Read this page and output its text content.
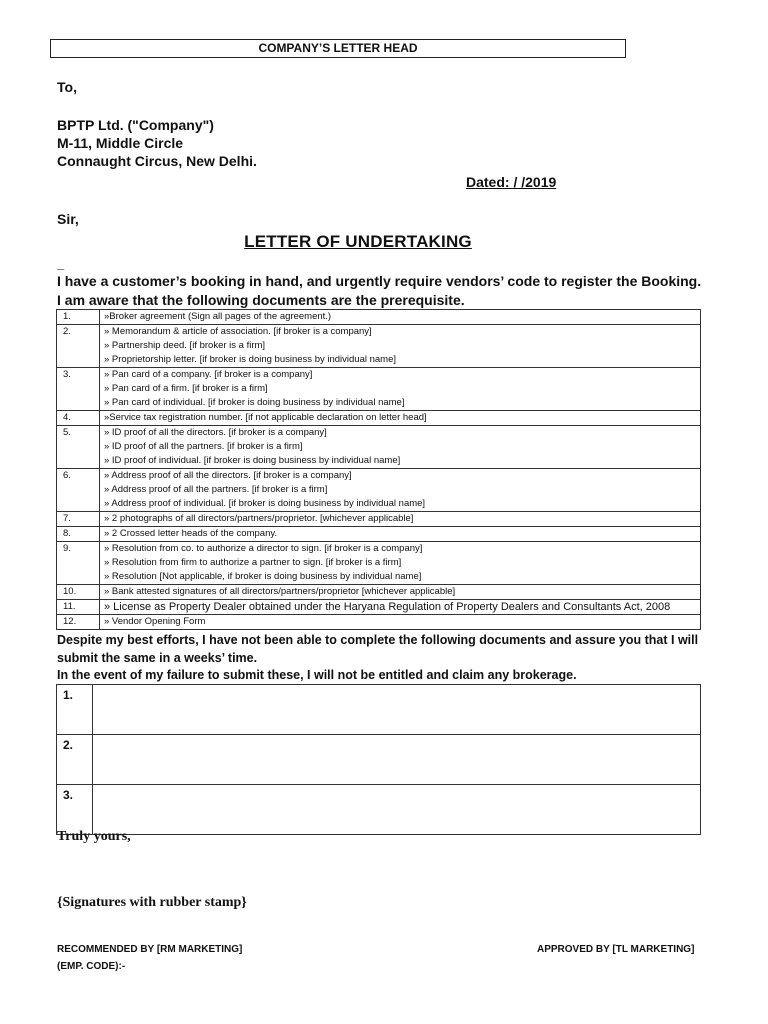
COMPANY’S LETTER HEAD
To,
BPTP Ltd. ("Company")
M-11, Middle Circle
Connaught Circus, New Delhi.
Dated: / /2019
Sir,
LETTER OF UNDERTAKING
_
I have a customer’s booking in hand, and urgently require vendors’ code to register the Booking.
I am aware that the following documents are the prerequisite.
1.	»Broker agreement (Sign all pages of the agreement.)

2.	» Memorandum & article of association. [if broker is a company]
» Partnership deed. [if broker is a firm]
» Proprietorship letter. [if broker is doing business by individual name]

3.	» Pan card of a company. [if broker is a company]
» Pan card of a firm. [if broker is a firm]
» Pan card of individual. [if broker is doing business by individual name]

4.	»Service tax registration number. [if not applicable declaration on letter head]

5.	» ID proof of all the directors. [if broker is a company]
» ID proof of all the partners. [if broker is a firm]
» ID proof of individual. [if broker is doing business by individual name]

6.	» Address proof of all the directors. [if broker is a company]
» Address proof of all the partners. [if broker is a firm]
» Address proof of individual. [if broker is doing business by individual name]

7.	» 2 photographs of all directors/partners/proprietor. [whichever applicable]

8.	» 2 Crossed letter heads of the company.

9.	» Resolution from co. to authorize a director to sign. [if broker is a company]
» Resolution from firm to authorize a partner to sign. [if broker is a firm]
» Resolution [Not applicable, if broker is doing business by individual name]

10.	» Bank attested signatures of all directors/partners/proprietor [whichever applicable]

11.	» License as Property Dealer obtained under the Haryana Regulation of Property Dealers and Consultants Act, 2008

12.	» Vendor Opening Form
Despite my best efforts, I have not been able to complete the following documents and assure you that I will
submit the same in a weeks’ time.
In the event of my failure to submit these, I will not be entitled and claim any brokerage.
1.	
2.	
3.	
Truly yours,
{Signatures with rubber stamp}
RECOMMENDED BY [RM MARKETING]
(EMP. CODE):-
APPROVED BY [TL MARKETING]
